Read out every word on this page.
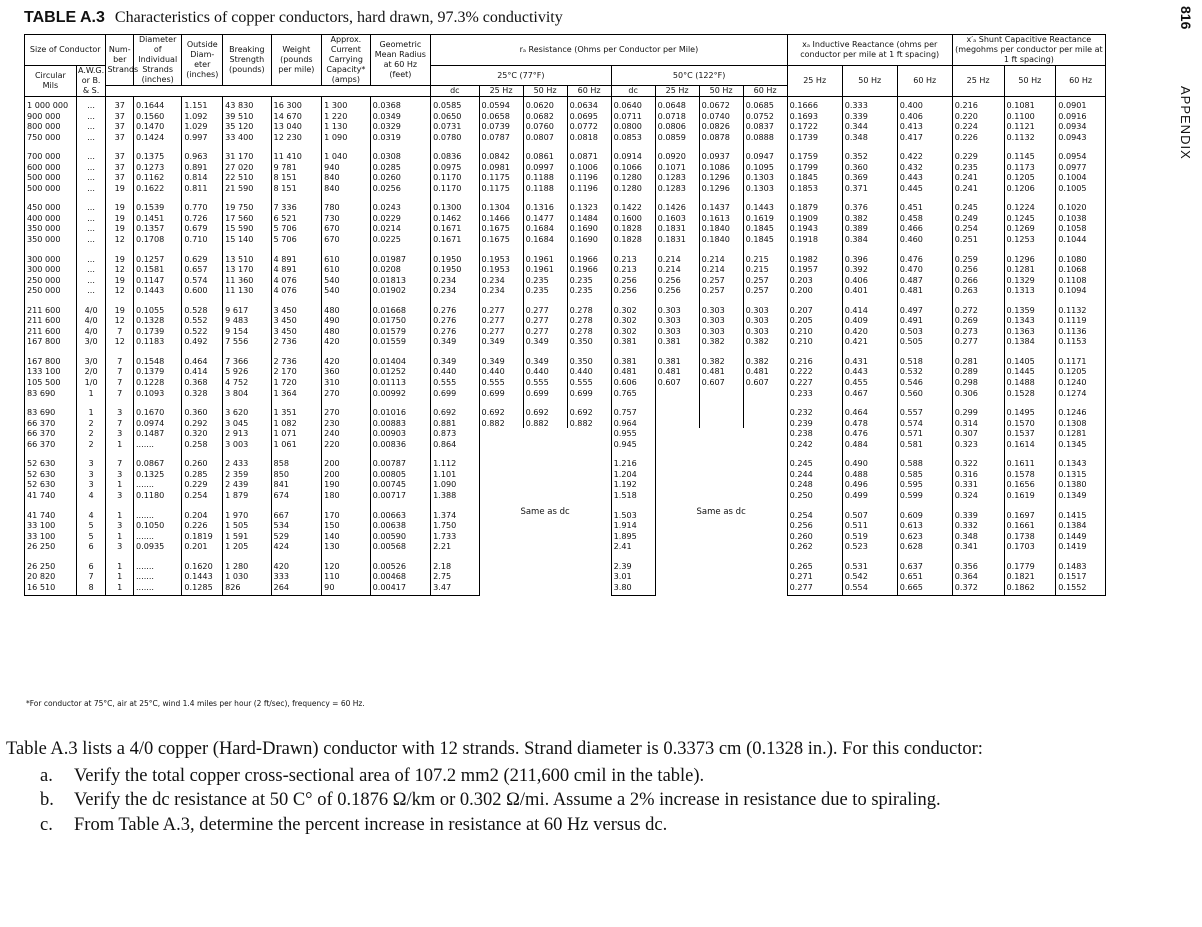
TABLE A.3 Characteristics of copper conductors, hard drawn, 97.3% conductivity	816
APPENDIX
Size of Conductor		Num- ber Strands	Diameter of Individual Strands (inches)	Outside Diam- eter (inches)	Breaking Strength (pounds)	Weight (pounds per mile)	Approx. Current Carrying Capacity* (amps)	Geometric Mean Radius at 60 Hz (feet)	rₐ Resistance (Ohms per Conductor per Mile)								xₐ Inductive Reactance (ohms per conductor per mile at 1 ft spacing)			x′ₐ Shunt Capacitive Reactance (megohms per conductor per mile at 1 ft spacing)		
Circular Mils	A.W.G. or B. & S.								25°C (77°F)				50°C (122°F)				25 Hz	50 Hz	60 Hz	25 Hz	50 Hz	60 Hz
									dc	25 Hz	50 Hz	60 Hz	dc	25 Hz	50 Hz	60 Hz						
1 000 000	...	37	0.1644	1.151	43 830	16 300	1 300	0.0368	0.0585	0.0594	0.0620	0.0634	0.0640	0.0648	0.0672	0.0685	0.1666	0.333	0.400	0.216	0.1081	0.0901
900 000	...	37	0.1560	1.092	39 510	14 670	1 220	0.0349	0.0650	0.0658	0.0682	0.0695	0.0711	0.0718	0.0740	0.0752	0.1693	0.339	0.406	0.220	0.1100	0.0916
800 000	...	37	0.1470	1.029	35 120	13 040	1 130	0.0329	0.0731	0.0739	0.0760	0.0772	0.0800	0.0806	0.0826	0.0837	0.1722	0.344	0.413	0.224	0.1121	0.0934
750 000	...	37	0.1424	0.997	33 400	12 230	1 090	0.0319	0.0780	0.0787	0.0807	0.0818	0.0853	0.0859	0.0878	0.0888	0.1739	0.348	0.417	0.226	0.1132	0.0943
700 000	...	37	0.1375	0.963	31 170	11 410	1 040	0.0308	0.0836	0.0842	0.0861	0.0871	0.0914	0.0920	0.0937	0.0947	0.1759	0.352	0.422	0.229	0.1145	0.0954
600 000	...	37	0.1273	0.891	27 020	9 781	940	0.0285	0.0975	0.0981	0.0997	0.1006	0.1066	0.1071	0.1086	0.1095	0.1799	0.360	0.432	0.235	0.1173	0.0977
500 000	...	37	0.1162	0.814	22 510	8 151	840	0.0260	0.1170	0.1175	0.1188	0.1196	0.1280	0.1283	0.1296	0.1303	0.1845	0.369	0.443	0.241	0.1205	0.1004
500 000	...	19	0.1622	0.811	21 590	8 151	840	0.0256	0.1170	0.1175	0.1188	0.1196	0.1280	0.1283	0.1296	0.1303	0.1853	0.371	0.445	0.241	0.1206	0.1005
450 000	...	19	0.1539	0.770	19 750	7 336	780	0.0243	0.1300	0.1304	0.1316	0.1323	0.1422	0.1426	0.1437	0.1443	0.1879	0.376	0.451	0.245	0.1224	0.1020
400 000	...	19	0.1451	0.726	17 560	6 521	730	0.0229	0.1462	0.1466	0.1477	0.1484	0.1600	0.1603	0.1613	0.1619	0.1909	0.382	0.458	0.249	0.1245	0.1038
350 000	...	19	0.1357	0.679	15 590	5 706	670	0.0214	0.1671	0.1675	0.1684	0.1690	0.1828	0.1831	0.1840	0.1845	0.1943	0.389	0.466	0.254	0.1269	0.1058
350 000	...	12	0.1708	0.710	15 140	5 706	670	0.0225	0.1671	0.1675	0.1684	0.1690	0.1828	0.1831	0.1840	0.1845	0.1918	0.384	0.460	0.251	0.1253	0.1044
300 000	...	19	0.1257	0.629	13 510	4 891	610	0.01987	0.1950	0.1953	0.1961	0.1966	0.213	0.214	0.214	0.215	0.1982	0.396	0.476	0.259	0.1296	0.1080
300 000	...	12	0.1581	0.657	13 170	4 891	610	0.0208	0.1950	0.1953	0.1961	0.1966	0.213	0.214	0.214	0.215	0.1957	0.392	0.470	0.256	0.1281	0.1068
250 000	...	19	0.1147	0.574	11 360	4 076	540	0.01813	0.234	0.234	0.235	0.235	0.256	0.256	0.257	0.257	0.203	0.406	0.487	0.266	0.1329	0.1108
250 000	...	12	0.1443	0.600	11 130	4 076	540	0.01902	0.234	0.234	0.235	0.235	0.256	0.256	0.257	0.257	0.200	0.401	0.481	0.263	0.1313	0.1094
211 600	4/0	19	0.1055	0.528	9 617	3 450	480	0.01668	0.276	0.277	0.277	0.278	0.302	0.303	0.303	0.303	0.207	0.414	0.497	0.272	0.1359	0.1132
211 600	4/0	12	0.1328	0.552	9 483	3 450	490	0.01750	0.276	0.277	0.277	0.278	0.302	0.303	0.303	0.303	0.205	0.409	0.491	0.269	0.1343	0.1119
211 600	4/0	7	0.1739	0.522	9 154	3 450	480	0.01579	0.276	0.277	0.277	0.278	0.302	0.303	0.303	0.303	0.210	0.420	0.503	0.273	0.1363	0.1136
167 800	3/0	12	0.1183	0.492	7 556	2 736	420	0.01559	0.349	0.349	0.349	0.350	0.381	0.381	0.382	0.382	0.210	0.421	0.505	0.277	0.1384	0.1153
167 800	3/0	7	0.1548	0.464	7 366	2 736	420	0.01404	0.349	0.349	0.349	0.350	0.381	0.381	0.382	0.382	0.216	0.431	0.518	0.281	0.1405	0.1171
133 100	2/0	7	0.1379	0.414	5 926	2 170	360	0.01252	0.440	0.440	0.440	0.440	0.481	0.481	0.481	0.481	0.222	0.443	0.532	0.289	0.1445	0.1205
105 500	1/0	7	0.1228	0.368	4 752	1 720	310	0.01113	0.555	0.555	0.555	0.555	0.606	0.607	0.607	0.607	0.227	0.455	0.546	0.298	0.1488	0.1240
83 690	1	7	0.1093	0.328	3 804	1 364	270	0.00992	0.699	0.699	0.699	0.699	0.765				0.233	0.467	0.560	0.306	0.1528	0.1274
83 690	1	3	0.1670	0.360	3 620	1 351	270	0.01016	0.692	0.692	0.692	0.692	0.757				0.232	0.464	0.557	0.299	0.1495	0.1246
66 370	2	7	0.0974	0.292	3 045	1 082	230	0.00883	0.881	0.882	0.882	0.882	0.964				0.239	0.478	0.574	0.314	0.1570	0.1308
66 370	2	3	0.1487	0.320	2 913	1 071	240	0.00903	0.873	Same as dc			0.955	Same as dc			0.238	0.476	0.571	0.307	0.1537	0.1281
66 370	2	1	.......	0.258	3 003	1 061	220	0.00836	0.864				0.945				0.242	0.484	0.581	0.323	0.1614	0.1345
52 630	3	7	0.0867	0.260	2 433	858	200	0.00787	1.112				1.216				0.245	0.490	0.588	0.322	0.1611	0.1343
52 630	3	3	0.1325	0.285	2 359	850	200	0.00805	1.101				1.204				0.244	0.488	0.585	0.316	0.1578	0.1315
52 630	3	1	.......	0.229	2 439	841	190	0.00745	1.090				1.192				0.248	0.496	0.595	0.331	0.1656	0.1380
41 740	4	3	0.1180	0.254	1 879	674	180	0.00717	1.388				1.518				0.250	0.499	0.599	0.324	0.1619	0.1349
41 740	4	1	.......	0.204	1 970	667	170	0.00663	1.374				1.503				0.254	0.507	0.609	0.339	0.1697	0.1415
33 100	5	3	0.1050	0.226	1 505	534	150	0.00638	1.750				1.914				0.256	0.511	0.613	0.332	0.1661	0.1384
33 100	5	1	.......	0.1819	1 591	529	140	0.00590	1.733				1.895				0.260	0.519	0.623	0.348	0.1738	0.1449
26 250	6	3	0.0935	0.201	1 205	424	130	0.00568	2.21				2.41				0.262	0.523	0.628	0.341	0.1703	0.1419
26 250	6	1	.......	0.1620	1 280	420	120	0.00526	2.18				2.39				0.265	0.531	0.637	0.356	0.1779	0.1483
20 820	7	1	.......	0.1443	1 030	333	110	0.00468	2.75				3.01				0.271	0.542	0.651	0.364	0.1821	0.1517
16 510	8	1	.......	0.1285	826	264	90	0.00417	3.47				3.80				0.277	0.554	0.665	0.372	0.1862	0.1552
*For conductor at 75°C, air at 25°C, wind 1.4 miles per hour (2 ft/sec), frequency = 60 Hz.

Table A.3 lists a 4/0 copper (Hard-Drawn) conductor with 12 strands. Strand diameter is 0.3373 cm (0.1328 in.). For this conductor:

a. Verify the total copper cross-sectional area of 107.2 mm2 (211,600 cmil in the table).
b. Verify the dc resistance at 50 C° of 0.1876 Ω/km or 0.302 Ω/mi. Assume a 2% increase in resistance due to spiraling.
c. From Table A.3, determine the percent increase in resistance at 60 Hz versus dc.
